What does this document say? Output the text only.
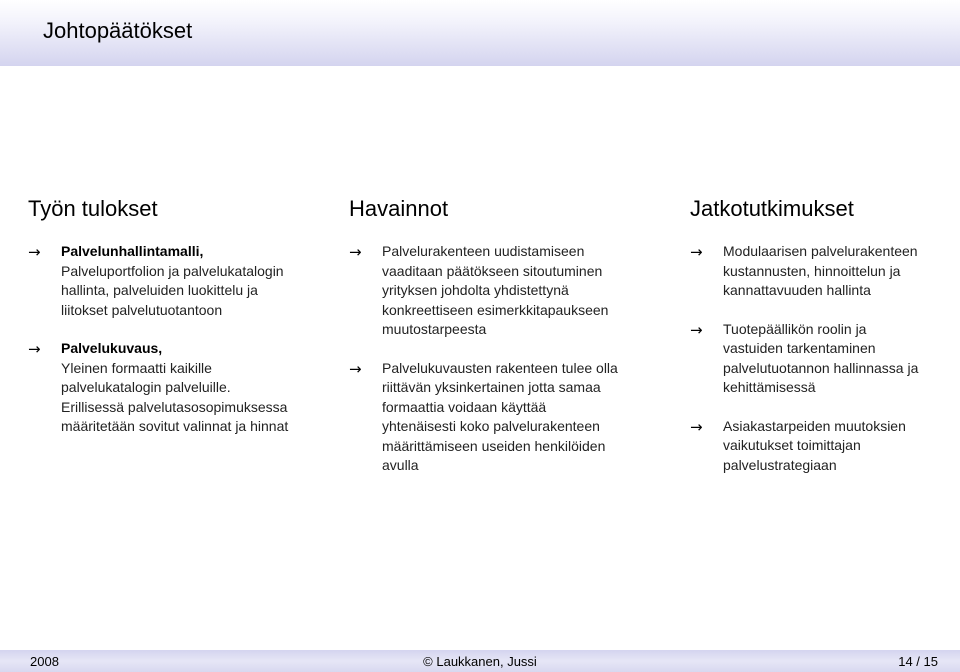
Johtopäätökset
Työn tulokset
→ Palvelunhallintamalli,
Palveluportfolion ja palvelukatalogin
hallinta, palveluiden luokittelu ja
liitokset palvelutuotantoon
→ Palvelukuvaus,
Yleinen formaatti kaikille
palvelukatalogin palveluille.
Erillisessä palvelutasosopimuksessa
määritetään sovitut valinnat ja hinnat
Havainnot
→ Palvelurakenteen uudistamiseen
vaaditaan päätökseen sitoutuminen
yrityksen johdolta yhdistettynä
konkreettiseen esimerkkitapaukseen
muutostarpeesta
→ Palvelukuvausten rakenteen tulee olla
riittävän yksinkertainen jotta samaa
formaattia voidaan käyttää
yhtenäisesti koko palvelurakenteen
määrittämiseen useiden henkilöiden
avulla
Jatkotutkimukset
→ Modulaarisen palvelurakenteen
kustannusten, hinnoittelun ja
kannattavuuden hallinta
→ Tuotepäällikön roolin ja
vastuiden tarkentaminen
palvelutuotannon hallinnassa ja
kehittämisessä
→ Asiakastarpeiden muutoksien
vaikutukset toimittajan
palvelustrategiaan
2008	© Laukkanen, Jussi	14 / 15
